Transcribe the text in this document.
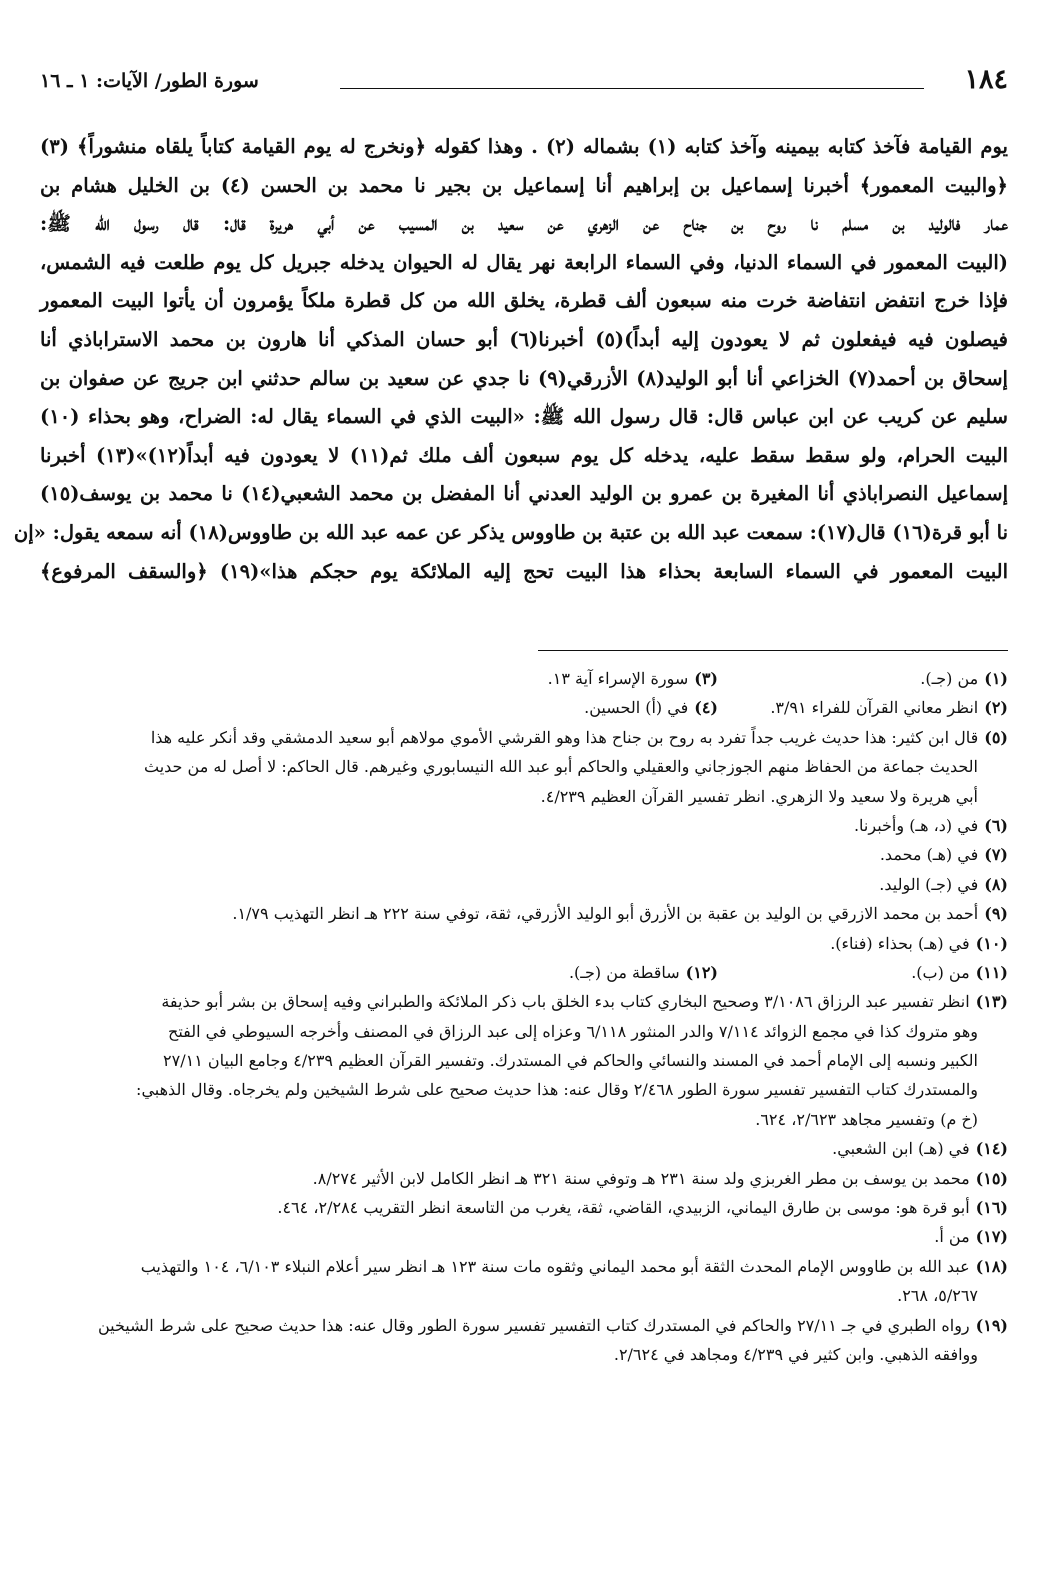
١٨٤
سورة الطور/ الآيات: ١ ـ ١٦
يوم القيامة فآخذ كتابه بيمينه وآخذ كتابه (١) بشماله (٢) . وهذا كقوله ﴿ونخرج له يوم القيامة كتاباً يلقاه منشوراً﴾ (٣)
﴿والبيت المعمور﴾ أخبرنا إسماعيل بن إبراهيم أنا إسماعيل بن بجير نا محمد بن الحسن (٤) بن الخليل هشام بن
عمار فالوليد بن مسلم نا روح بن جناح عن الزهري عن سعيد بن المسيب عن أبي هريرة قال: قال رسول الله ﷺ:
(البيت المعمور في السماء الدنيا، وفي السماء الرابعة نهر يقال له الحيوان يدخله جبريل كل يوم طلعت فيه الشمس،
فإذا خرج انتفض انتفاضة خرت منه سبعون ألف قطرة، يخلق الله من كل قطرة ملكاً يؤمرون أن يأتوا البيت المعمور
فيصلون فيه فيفعلون ثم لا يعودون إليه أبداً)(٥) أخبرنا(٦) أبو حسان المذكي أنا هارون بن محمد الاستراباذي أنا
إسحاق بن أحمد(٧) الخزاعي أنا أبو الوليد(٨) الأزرقي(٩) نا جدي عن سعيد بن سالم حدثني ابن جريج عن صفوان بن
سليم عن كريب عن ابن عباس قال: قال رسول الله ﷺ: «البيت الذي في السماء يقال له: الضراح، وهو بحذاء (١٠)
البيت الحرام، ولو سقط سقط عليه، يدخله كل يوم سبعون ألف ملك ثم(١١) لا يعودون فيه أبداً(١٢)»(١٣) أخبرنا
إسماعيل النصراباذي أنا المغيرة بن عمرو بن الوليد العدني أنا المفضل بن محمد الشعبي(١٤) نا محمد بن يوسف(١٥)
نا أبو قرة(١٦) قال(١٧): سمعت عبد الله بن عتبة بن طاووس يذكر عن عمه عبد الله بن طاووس(١٨) أنه سمعه يقول: «إن
البيت المعمور في السماء السابعة بحذاء هذا البيت تحج إليه الملائكة يوم حجكم هذا»(١٩) ﴿والسقف المرفوع﴾
(١)من (جـ).
(٣)سورة الإسراء آية ١٣.
(٢)انظر معاني القرآن للفراء ٣/٩١.
(٤)في (أ) الحسين.
(٥)قال ابن كثير: هذا حديث غريب جداً تفرد به روح بن جناح هذا وهو القرشي الأموي مولاهم أبو سعيد الدمشقي وقد أنكر عليه هذا
الحديث جماعة من الحفاظ منهم الجوزجاني والعقيلي والحاكم أبو عبد الله النيسابوري وغيرهم. قال الحاكم: لا أصل له من حديث
أبي هريرة ولا سعيد ولا الزهري. انظر تفسير القرآن العظيم ٤/٢٣٩.
(٦)في (د، هـ) وأخبرنا.
(٧)في (هـ) محمد.
(٨)في (جـ) الوليد.
(٩)أحمد بن محمد الازرقي بن الوليد بن عقبة بن الأزرق أبو الوليد الأزرقي، ثقة، توفي سنة ٢٢٢ هـ انظر التهذيب ١/٧٩.
(١٠)في (هـ) بحذاء (فناء).
(١١)من (ب).
(١٢)ساقطة من (جـ).
(١٣)انظر تفسير عبد الرزاق ٣/١٠٨٦ وصحيح البخاري كتاب بدء الخلق باب ذكر الملائكة والطبراني وفيه إسحاق بن بشر أبو حذيفة
وهو متروك كذا في مجمع الزوائد ٧/١١٤ والدر المنثور ٦/١١٨ وعزاه إلى عبد الرزاق في المصنف وأخرجه السيوطي في الفتح
الكبير ونسبه إلى الإمام أحمد في المسند والنسائي والحاكم في المستدرك. وتفسير القرآن العظيم ٤/٢٣٩ وجامع البيان ٢٧/١١
والمستدرك كتاب التفسير تفسير سورة الطور ٢/٤٦٨ وقال عنه: هذا حديث صحيح على شرط الشيخين ولم يخرجاه. وقال الذهبي:
(خ م) وتفسير مجاهد ٢/٦٢٣، ٦٢٤.
(١٤)في (هـ) ابن الشعبي.
(١٥)محمد بن يوسف بن مطر الغربزي ولد سنة ٢٣١ هـ وتوفي سنة ٣٢١ هـ انظر الكامل لابن الأثير ٨/٢٧٤.
(١٦)أبو قرة هو: موسى بن طارق اليماني، الزبيدي، القاضي، ثقة، يغرب من التاسعة انظر التقريب ٢/٢٨٤، ٤٦٤.
(١٧)من أ.
(١٨)عبد الله بن طاووس الإمام المحدث الثقة أبو محمد اليماني وثقوه مات سنة ١٢٣ هـ انظر سير أعلام النبلاء ٦/١٠٣، ١٠٤ والتهذيب
٥/٢٦٧، ٢٦٨.
(١٩)رواه الطبري في جـ ٢٧/١١ والحاكم في المستدرك كتاب التفسير تفسير سورة الطور وقال عنه: هذا حديث صحيح على شرط الشيخين
ووافقه الذهبي. وابن كثير في ٤/٢٣٩ ومجاهد في ٢/٦٢٤.
